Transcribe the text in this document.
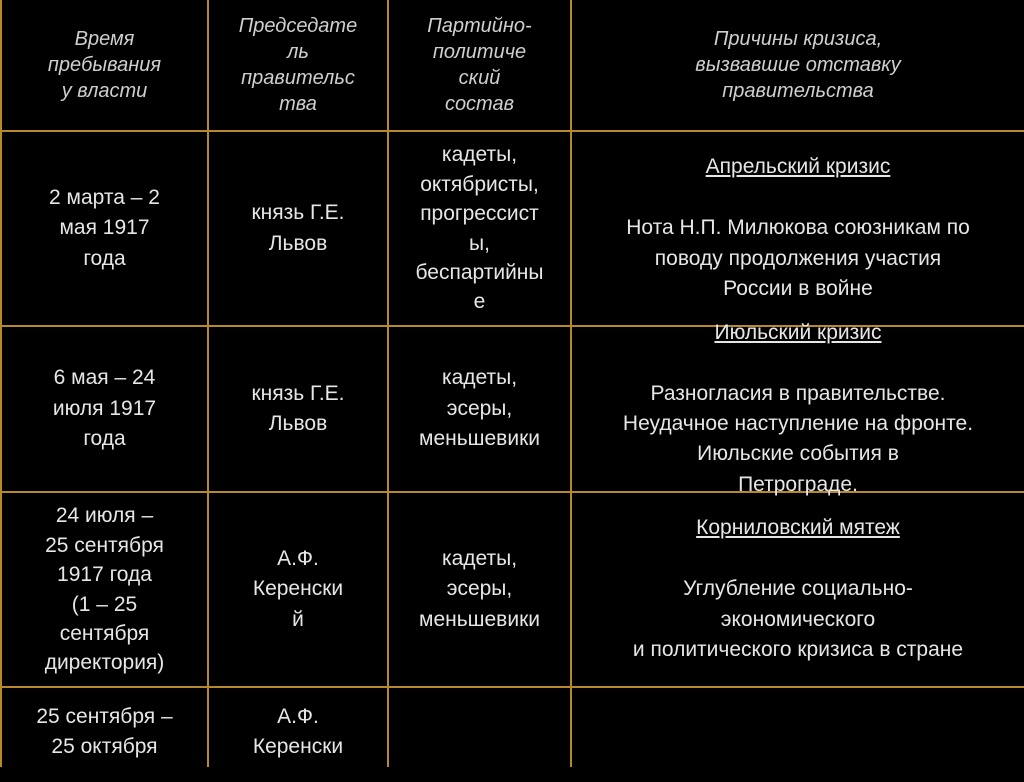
Время
пребывания
у власти
Председате
ль
правительс
тва
Партийно-
политиче
ский
состав
Причины кризиса,
вызвавшие отставку
правительства
2 марта – 2
мая 1917
года
князь Г.Е.
Львов
кадеты,
октябристы,
прогрессист
ы,
беспартийны
е

Апрельский кризис

Нота Н.П. Милюкова союзникам по
поводу продолжения участия
России в войне

6 мая – 24
июля 1917
года
князь Г.Е.
Львов
кадеты,
эсеры,
меньшевики

Июльский кризис

Разногласия в правительстве.
Неудачное наступление на фронте.
Июльские события в
Петрограде.

24 июля –
25 сентября
1917 года
(1 – 25
сентября
директория)
А.Ф.
Керенски
й
кадеты,
эсеры,
меньшевики

Корниловский мятеж

Углубление социально-
экономического
и политического кризиса в стране

25 сентября –
25 октября
А.Ф.
Керенски
